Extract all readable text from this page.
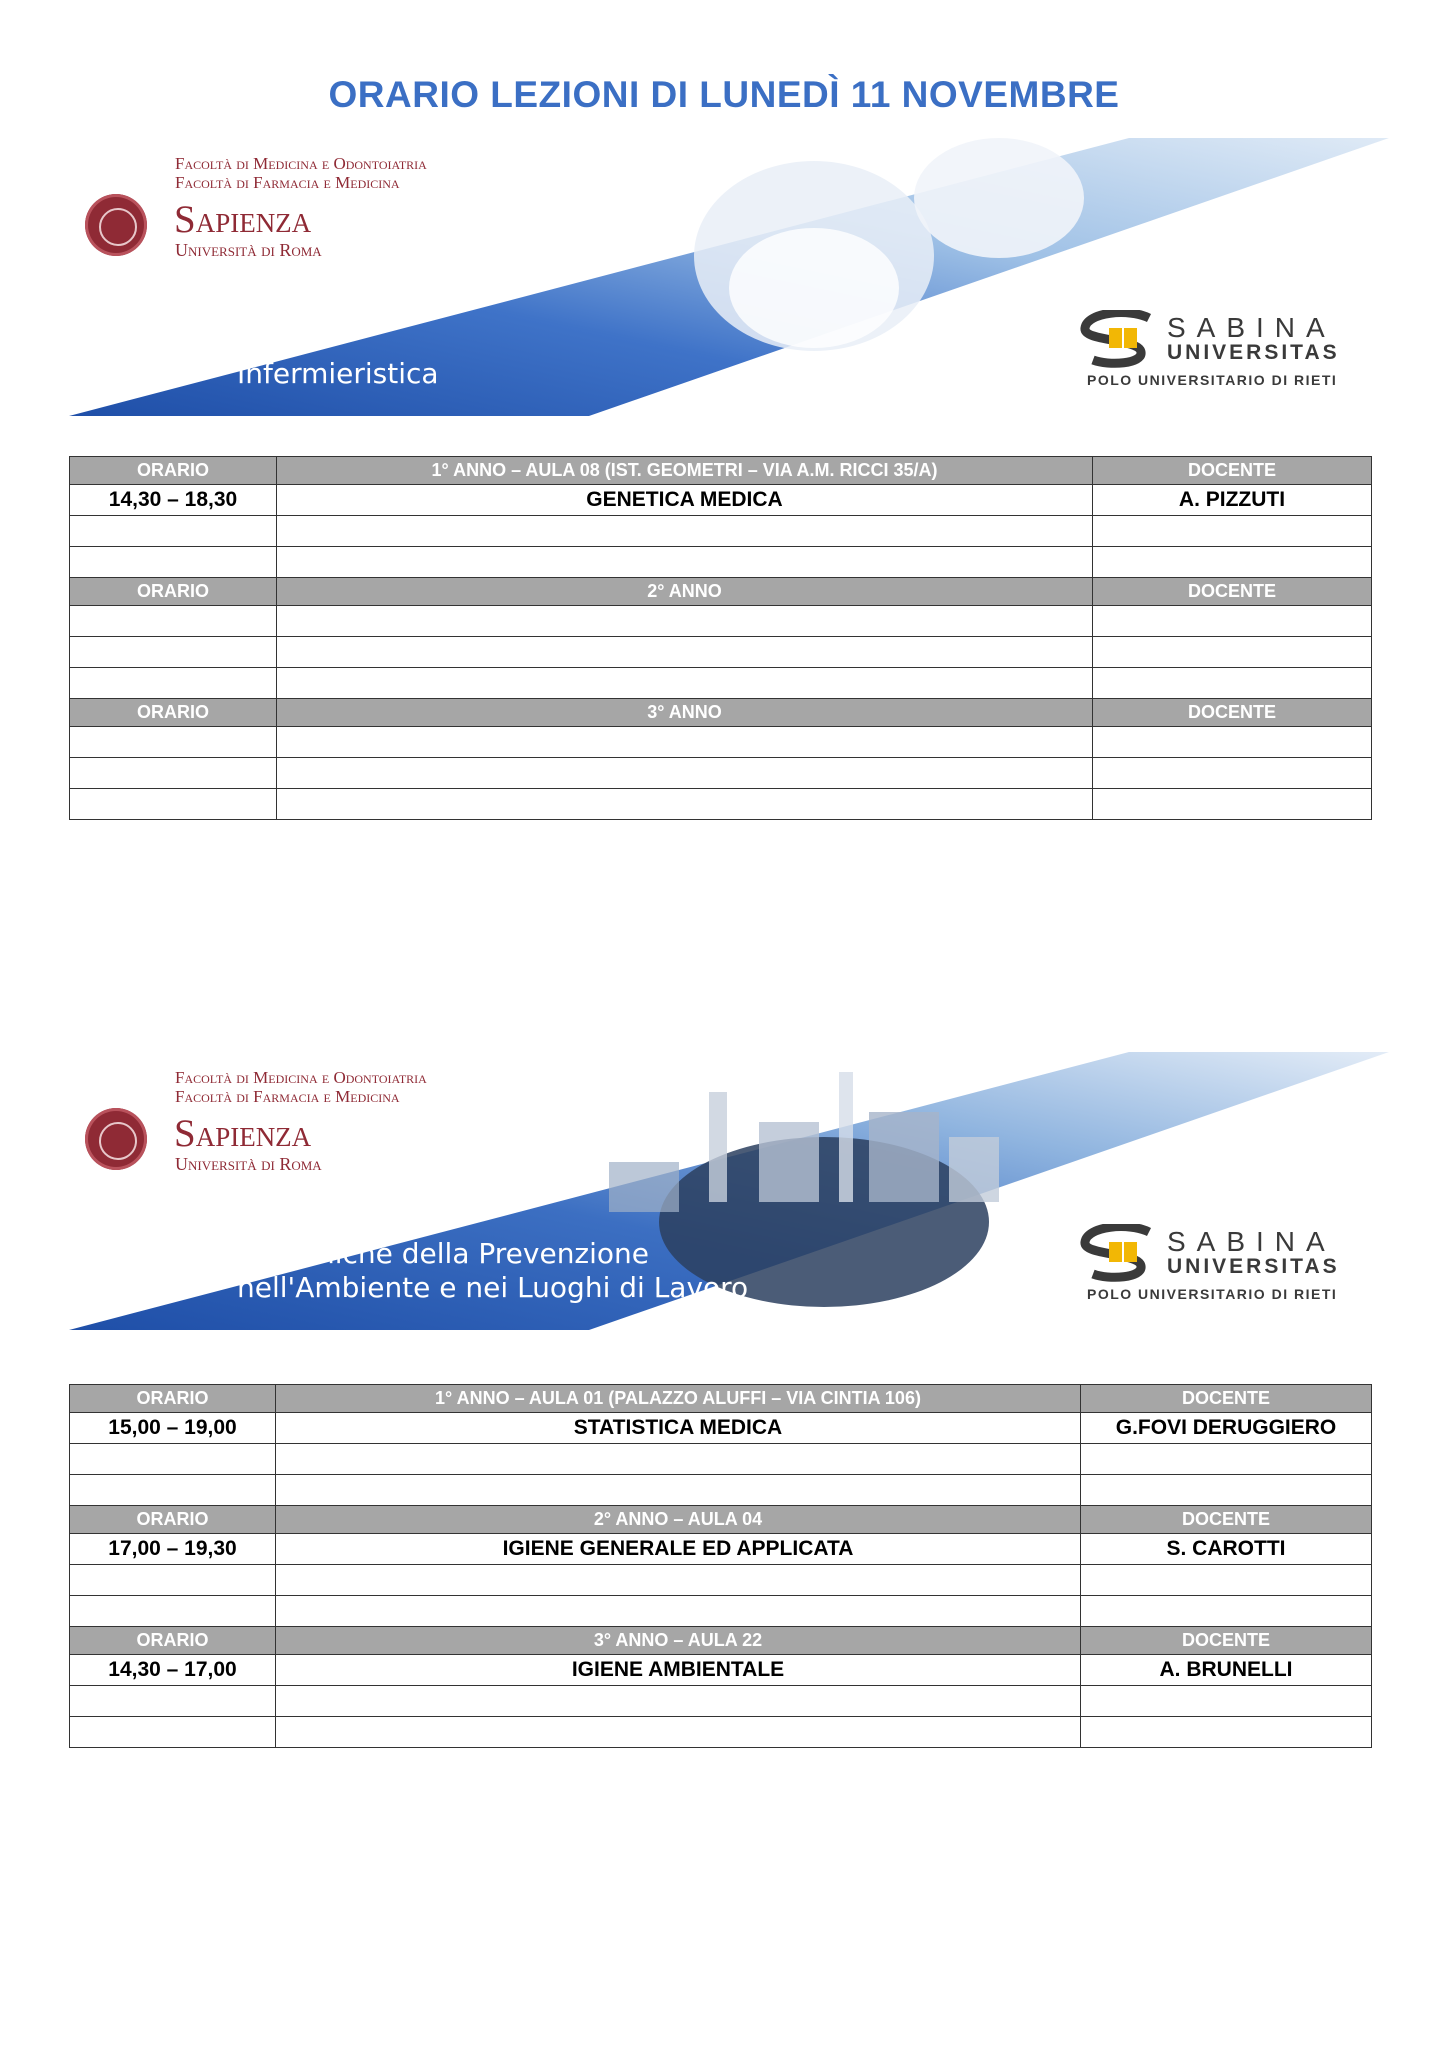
ORARIO LEZIONI DI LUNEDÌ 11 NOVEMBRE
Facoltà di Medicina e Odontoiatria
Facoltà di Farmacia e Medicina
Sapienza
Università di Roma
Infermieristica
SABINA
UNIVERSITAS
POLO UNIVERSITARIO DI RIETI
ORARIO	1° ANNO – AULA 08 (IST. GEOMETRI – VIA A.M. RICCI 35/A)	DOCENTE
14,30 – 18,30	GENETICA MEDICA	A. PIZZUTI

ORARIO	2° ANNO	DOCENTE

ORARIO	3° ANNO	DOCENTE

Facoltà di Medicina e Odontoiatria
Facoltà di Farmacia e Medicina
Sapienza
Università di Roma
Tecniche della Prevenzione
nell'Ambiente e nei Luoghi di Lavoro
SABINA
UNIVERSITAS
POLO UNIVERSITARIO DI RIETI
ORARIO	1° ANNO – AULA 01 (PALAZZO ALUFFI – VIA CINTIA 106)	DOCENTE
15,00 – 19,00	STATISTICA MEDICA	G.FOVI DERUGGIERO

ORARIO	2° ANNO – AULA 04	DOCENTE
17,00 – 19,30	IGIENE GENERALE ED APPLICATA	S. CAROTTI

ORARIO	3° ANNO – AULA 22	DOCENTE
14,30 – 17,00	IGIENE AMBIENTALE	A. BRUNELLI
